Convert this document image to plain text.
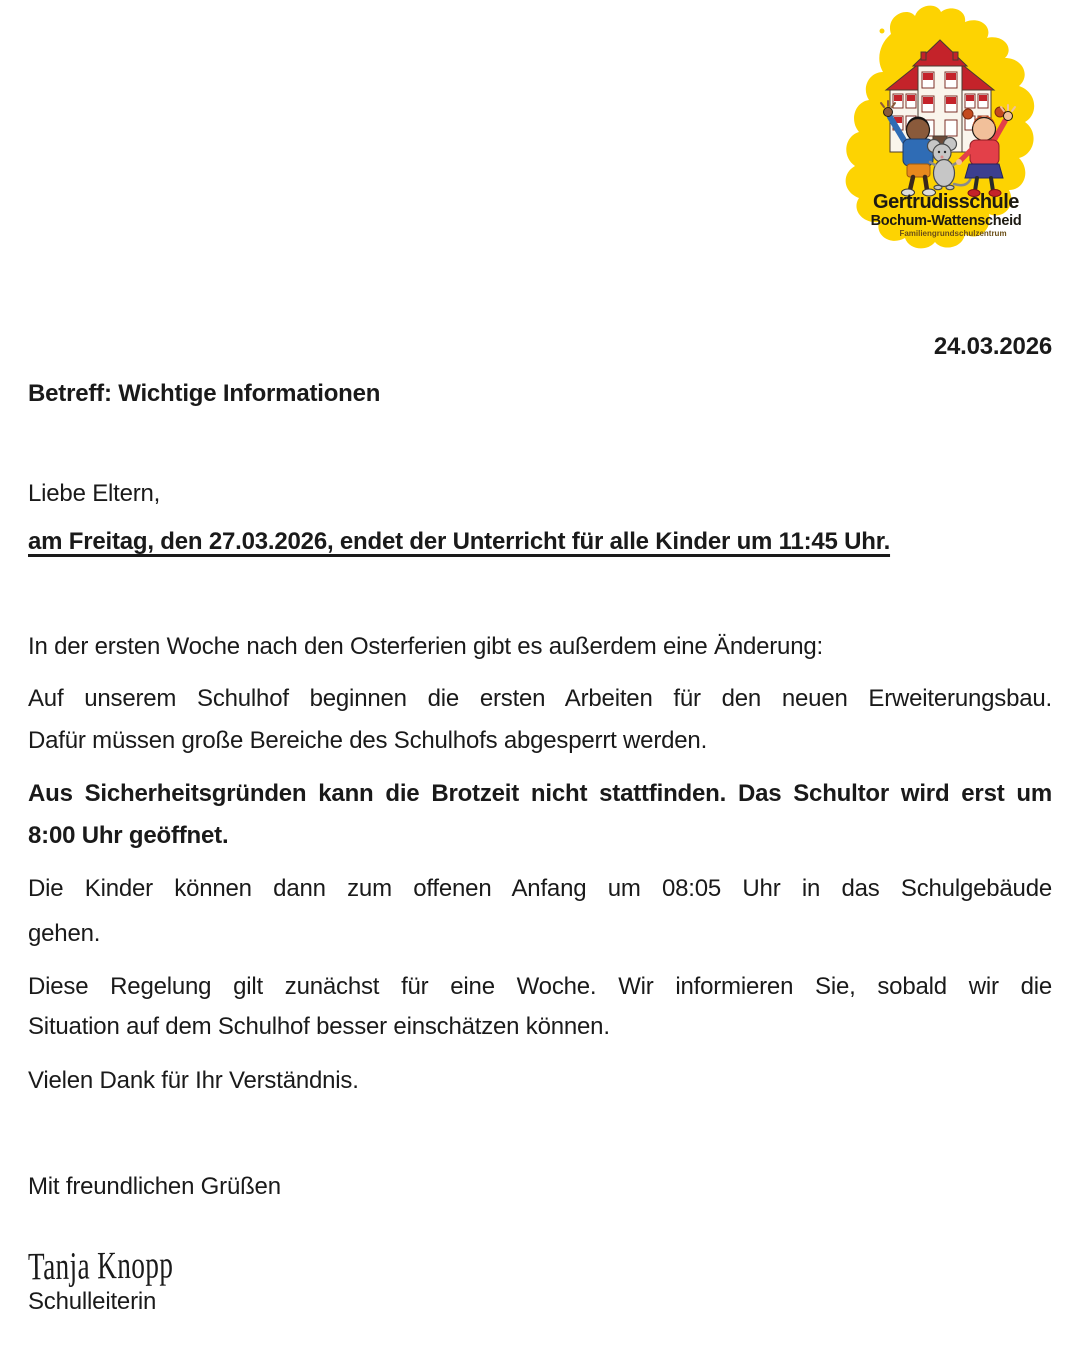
Gertrudisschule
Bochum-Wattenscheid
Familiengrundschulzentrum
24.03.2026
Betreff: Wichtige Informationen
Liebe Eltern,
am Freitag, den 27.03.2026, endet der Unterricht für alle Kinder um 11:45 Uhr.
In der ersten Woche nach den Osterferien gibt es außerdem eine Änderung:
Auf unserem Schulhof beginnen die ersten Arbeiten für den neuen Erweiterungsbau.
Dafür müssen große Bereiche des Schulhofs abgesperrt werden.
Aus Sicherheitsgründen kann die Brotzeit nicht stattfinden. Das Schultor wird erst um
8:00 Uhr geöffnet.
Die Kinder können dann zum offenen Anfang um 08:05 Uhr in das Schulgebäude
gehen.
Diese Regelung gilt zunächst für eine Woche. Wir informieren Sie, sobald wir die
Situation auf dem Schulhof besser einschätzen können.
Vielen Dank für Ihr Verständnis.
Mit freundlichen Grüßen
Tanja Knopp
Schulleiterin
